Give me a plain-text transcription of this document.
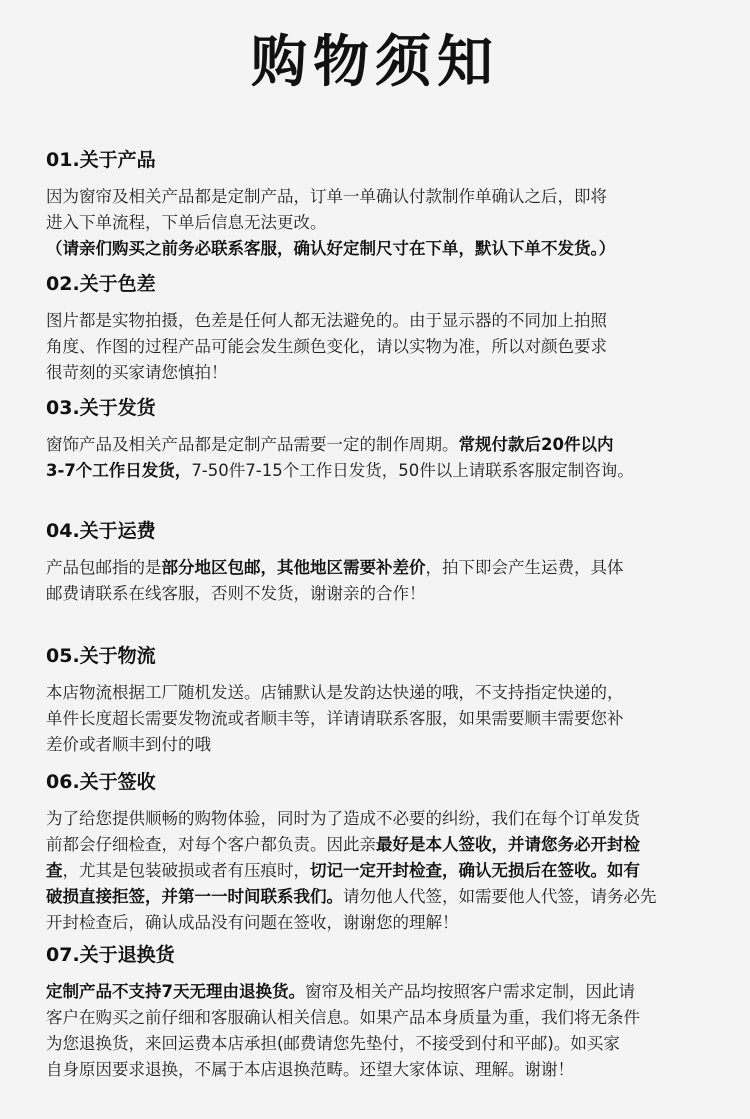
购物须知
01.关于产品
因为窗帘及相关产品都是定制产品，订单一单确认付款制作单确认之后，即将
进入下单流程，下单后信息无法更改。
（请亲们购买之前务必联系客服，确认好定制尺寸在下单，默认下单不发货。）
02.关于色差
图片都是实物拍摄，色差是任何人都无法避免的。由于显示器的不同加上拍照
角度、作图的过程产品可能会发生颜色变化，请以实物为准，所以对颜色要求
很苛刻的买家请您慎拍！
03.关于发货
窗饰产品及相关产品都是定制产品需要一定的制作周期。常规付款后20件以内
3-7个工作日发货，7-50件7-15个工作日发货，50件以上请联系客服定制咨询。
04.关于运费
产品包邮指的是部分地区包邮，其他地区需要补差价，拍下即会产生运费，具体
邮费请联系在线客服，否则不发货，谢谢亲的合作！
05.关于物流
本店物流根据工厂随机发送。店铺默认是发韵达快递的哦，不支持指定快递的，
单件长度超长需要发物流或者顺丰等，详请请联系客服，如果需要顺丰需要您补
差价或者顺丰到付的哦
06.关于签收
为了给您提供顺畅的购物体验，同时为了造成不必要的纠纷，我们在每个订单发货
前都会仔细检查，对每个客户都负责。因此亲最好是本人签收，并请您务必开封检
查，尤其是包装破损或者有压痕时，切记一定开封检查，确认无损后在签收。如有
破损直接拒签，并第一一时间联系我们。请勿他人代签，如需要他人代签，请务必先
开封检查后，确认成品没有问题在签收，谢谢您的理解！
07.关于退换货
定制产品不支持7天无理由退换货。窗帘及相关产品均按照客户需求定制，因此请
客户在购买之前仔细和客服确认相关信息。如果产品本身质量为重，我们将无条件
为您退换货，来回运费本店承担(邮费请您先垫付，不接受到付和平邮)。如买家
自身原因要求退换，不属于本店退换范畴。还望大家体谅、理解。谢谢！
